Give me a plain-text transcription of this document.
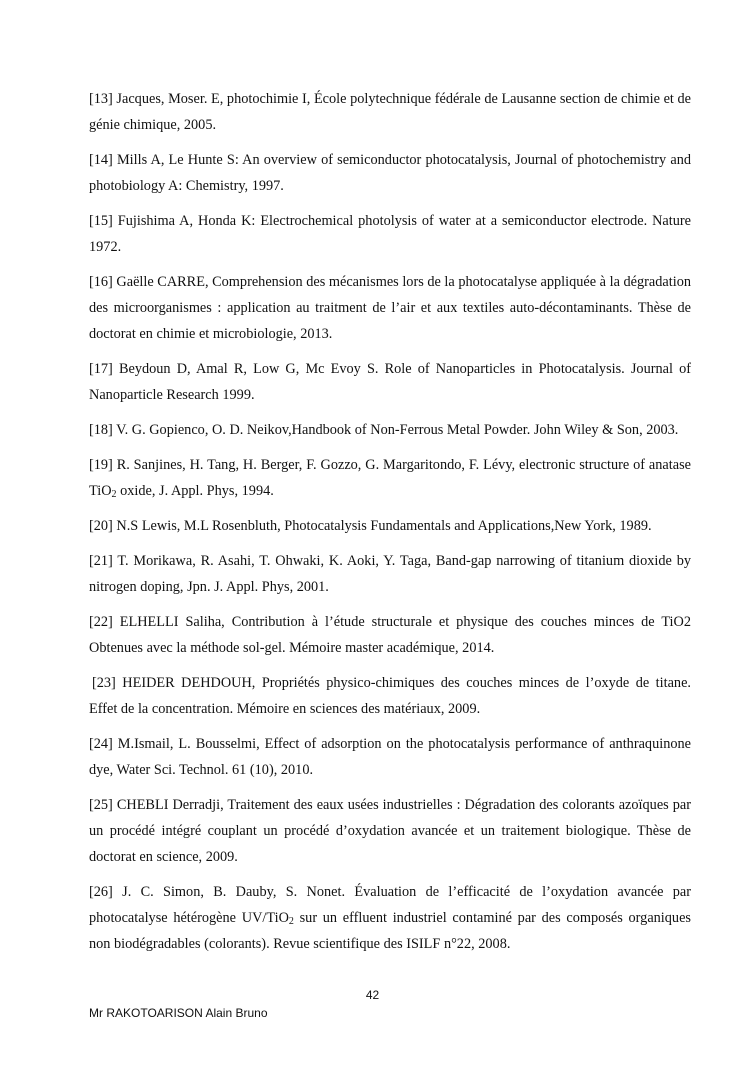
[13] Jacques, Moser. E, photochimie I, École polytechnique fédérale de Lausanne section de chimie et de génie chimique, 2005.

[14] Mills A, Le Hunte S: An overview of semiconductor photocatalysis, Journal of photochemistry and photobiology A: Chemistry, 1997.

[15] Fujishima A, Honda K: Electrochemical photolysis of water at a semiconductor electrode. Nature 1972.

[16] Gaëlle CARRE, Comprehension des mécanismes lors de la photocatalyse appliquée à la dégradation des microorganismes : application au traitment de l’air et aux textiles auto-décontaminants. Thèse de doctorat en chimie et microbiologie, 2013.

[17] Beydoun D, Amal R, Low G, Mc Evoy S. Role of Nanoparticles in Photocatalysis. Journal of Nanoparticle Research 1999.

[18] V. G. Gopienco, O. D. Neikov,Handbook of Non-Ferrous Metal Powder. John Wiley & Son, 2003.

[19] R. Sanjines, H. Tang, H. Berger, F. Gozzo, G. Margaritondo, F. Lévy, electronic structure of anatase TiO$_2$ oxide, J. Appl. Phys, 1994.

[20] N.S Lewis, M.L Rosenbluth, Photocatalysis Fundamentals and Applications,New York, 1989.

[21] T. Morikawa, R. Asahi, T. Ohwaki, K. Aoki, Y. Taga, Band-gap narrowing of titanium dioxide by nitrogen doping, Jpn. J. Appl. Phys, 2001.

[22] ELHELLI Saliha, Contribution à l’étude structurale et physique des couches minces de TiO2 Obtenues avec la méthode sol-gel. Mémoire master académique, 2014.

[23] HEIDER DEHDOUH, Propriétés physico-chimiques des couches minces de l’oxyde de titane. Effet de la concentration. Mémoire en sciences des matériaux, 2009.

[24] M.Ismail, L. Bousselmi, Effect of adsorption on the photocatalysis performance of anthraquinone dye, Water Sci. Technol. 61 (10), 2010.

[25] CHEBLI Derradji, Traitement des eaux usées industrielles : Dégradation des colorants azoïques par un procédé intégré couplant un procédé d’oxydation avancée et un traitement biologique. Thèse de doctorat en science, 2009.

[26] J. C. Simon, B. Dauby, S. Nonet. Évaluation de l’efficacité de l’oxydation avancée par photocatalyse hétérogène UV/TiO$_2$ sur un effluent industriel contaminé par des composés organiques non biodégradables (colorants). Revue scientifique des ISILF n°22, 2008.

42
Mr RAKOTOARISON Alain Bruno
